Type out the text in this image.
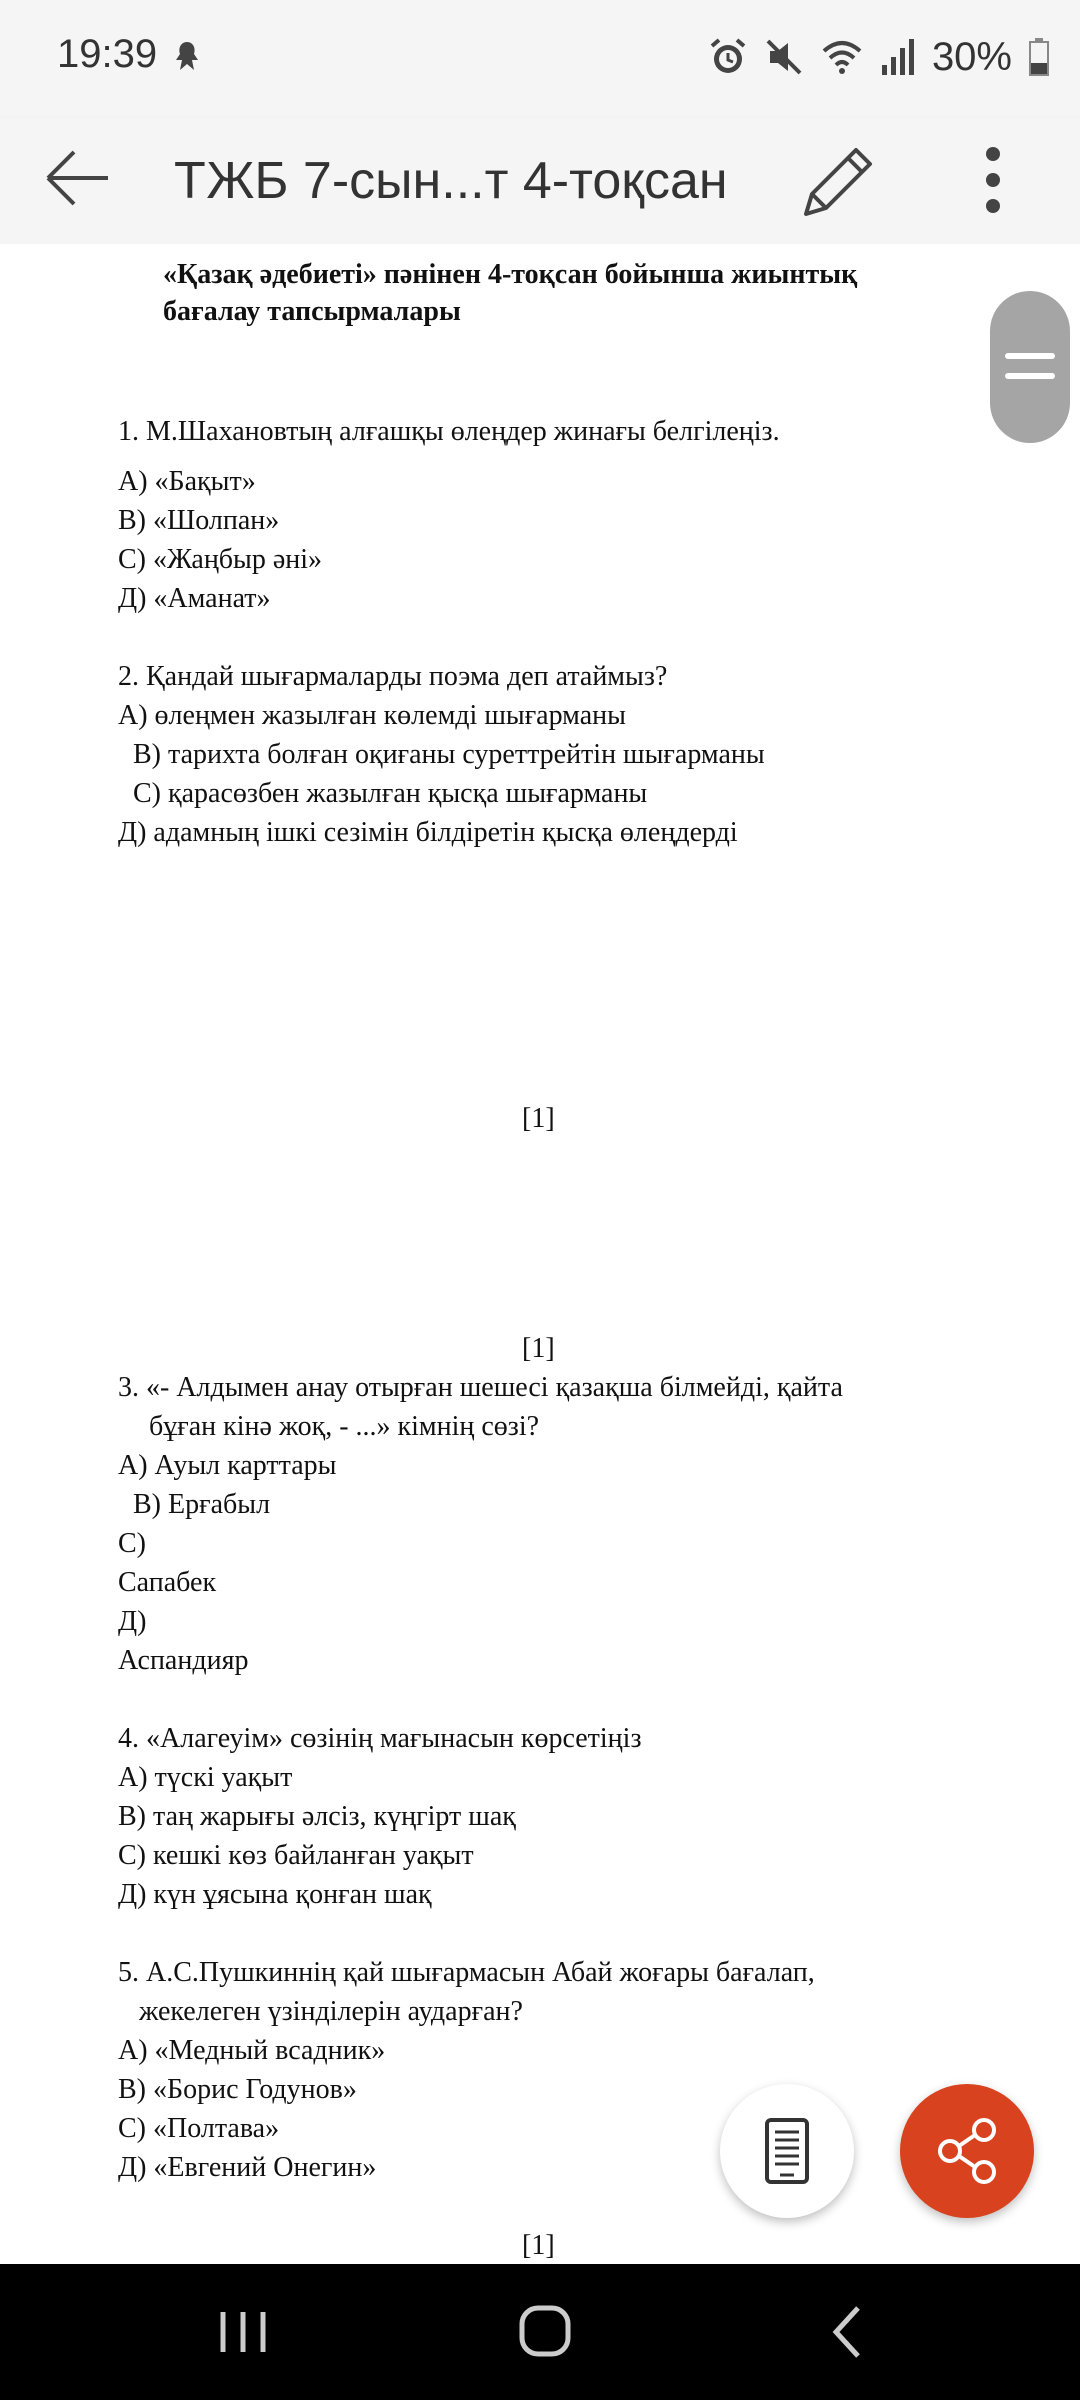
19:39	30%
ТЖБ 7-сын...т 4-тоқсан
«Қазақ әдебиеті» пәнінен 4-тоқсан бойынша жиынтық
бағалау тапсырмалары
1. М.Шахановтың алғашқы өлеңдер жинағы белгілеңіз.
А) «Бақыт»
В) «Шолпан»
С) «Жаңбыр әні»
Д) «Аманат»
2. Қандай шығармаларды поэма деп атаймыз?
А) өлеңмен жазылған көлемді шығарманы
В) тарихта болған оқиғаны суреттрейтін шығарманы
С) қарасөзбен жазылған қысқа шығарманы
Д) адамның ішкі сезімін білдіретін қысқа өлеңдерді
[1]
[1]
3. «- Алдымен анау отырған шешесі қазақша білмейді, қайта
бұған кінә жоқ, - ...» кімнің сөзі?
А) Ауыл карттары
В) Ерғабыл
С)
Сапабек
Д)
Аспандияр
4. «Алагеуім» сөзінің мағынасын көрсетіңіз
А) түскі уақыт
В) таң жарығы әлсіз, күңгірт шақ
С) кешкі көз байланған уақыт
Д) күн ұясына қонған шақ
5. А.С.Пушкиннің қай шығармасын Абай жоғары бағалап,
жекелеген үзінділерін аударған?
А) «Медный всадник»
В) «Борис Годунов»
С) «Полтава»
Д) «Евгений Онегин»
[1]
